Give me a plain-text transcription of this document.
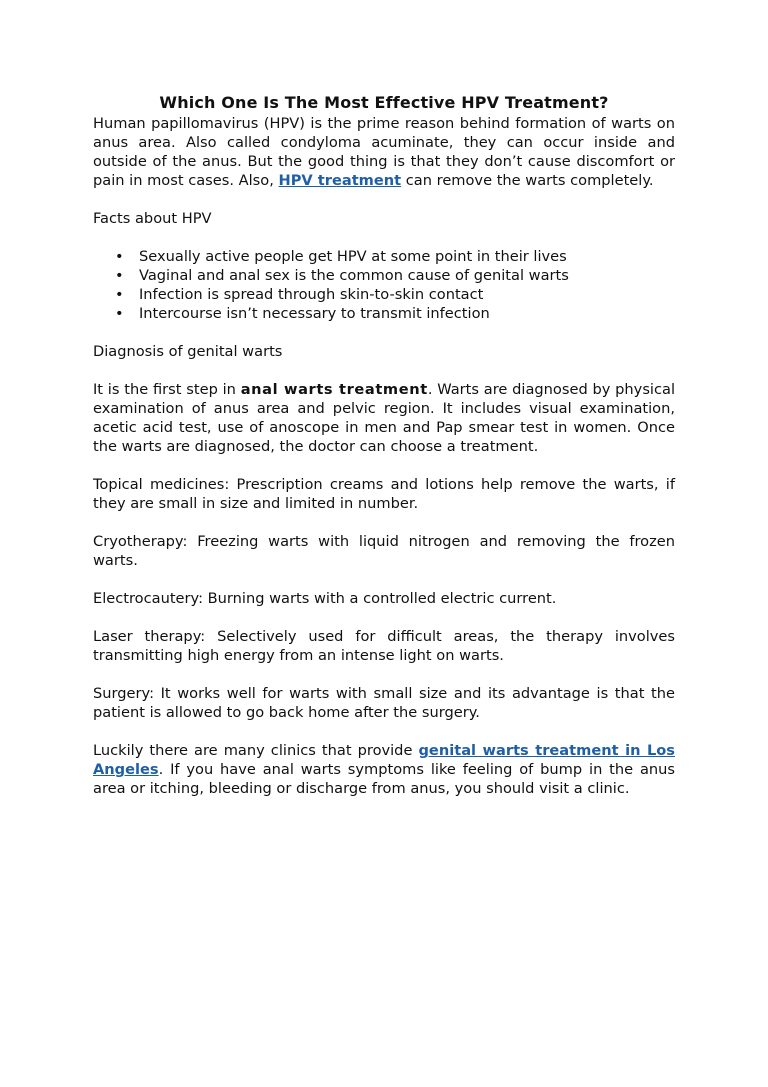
Which One Is The Most Effective HPV Treatment?

Human papillomavirus (HPV) is the prime reason behind formation of warts on anus area. Also called condyloma acuminate, they can occur inside and outside of the anus. But the good thing is that they don’t cause discomfort or pain in most cases. Also, HPV treatment can remove the warts completely.

Facts about HPV

• Sexually active people get HPV at some point in their lives
• Vaginal and anal sex is the common cause of genital warts
• Infection is spread through skin-to-skin contact
• Intercourse isn’t necessary to transmit infection

Diagnosis of genital warts

It is the first step in anal warts treatment. Warts are diagnosed by physical examination of anus area and pelvic region. It includes visual examination, acetic acid test, use of anoscope in men and Pap smear test in women. Once the warts are diagnosed, the doctor can choose a treatment.

Topical medicines: Prescription creams and lotions help remove the warts, if they are small in size and limited in number.

Cryotherapy: Freezing warts with liquid nitrogen and removing the frozen warts.

Electrocautery: Burning warts with a controlled electric current.

Laser therapy: Selectively used for difficult areas, the therapy involves transmitting high energy from an intense light on warts.

Surgery: It works well for warts with small size and its advantage is that the patient is allowed to go back home after the surgery.

Luckily there are many clinics that provide genital warts treatment in Los Angeles. If you have anal warts symptoms like feeling of bump in the anus area or itching, bleeding or discharge from anus, you should visit a clinic.
